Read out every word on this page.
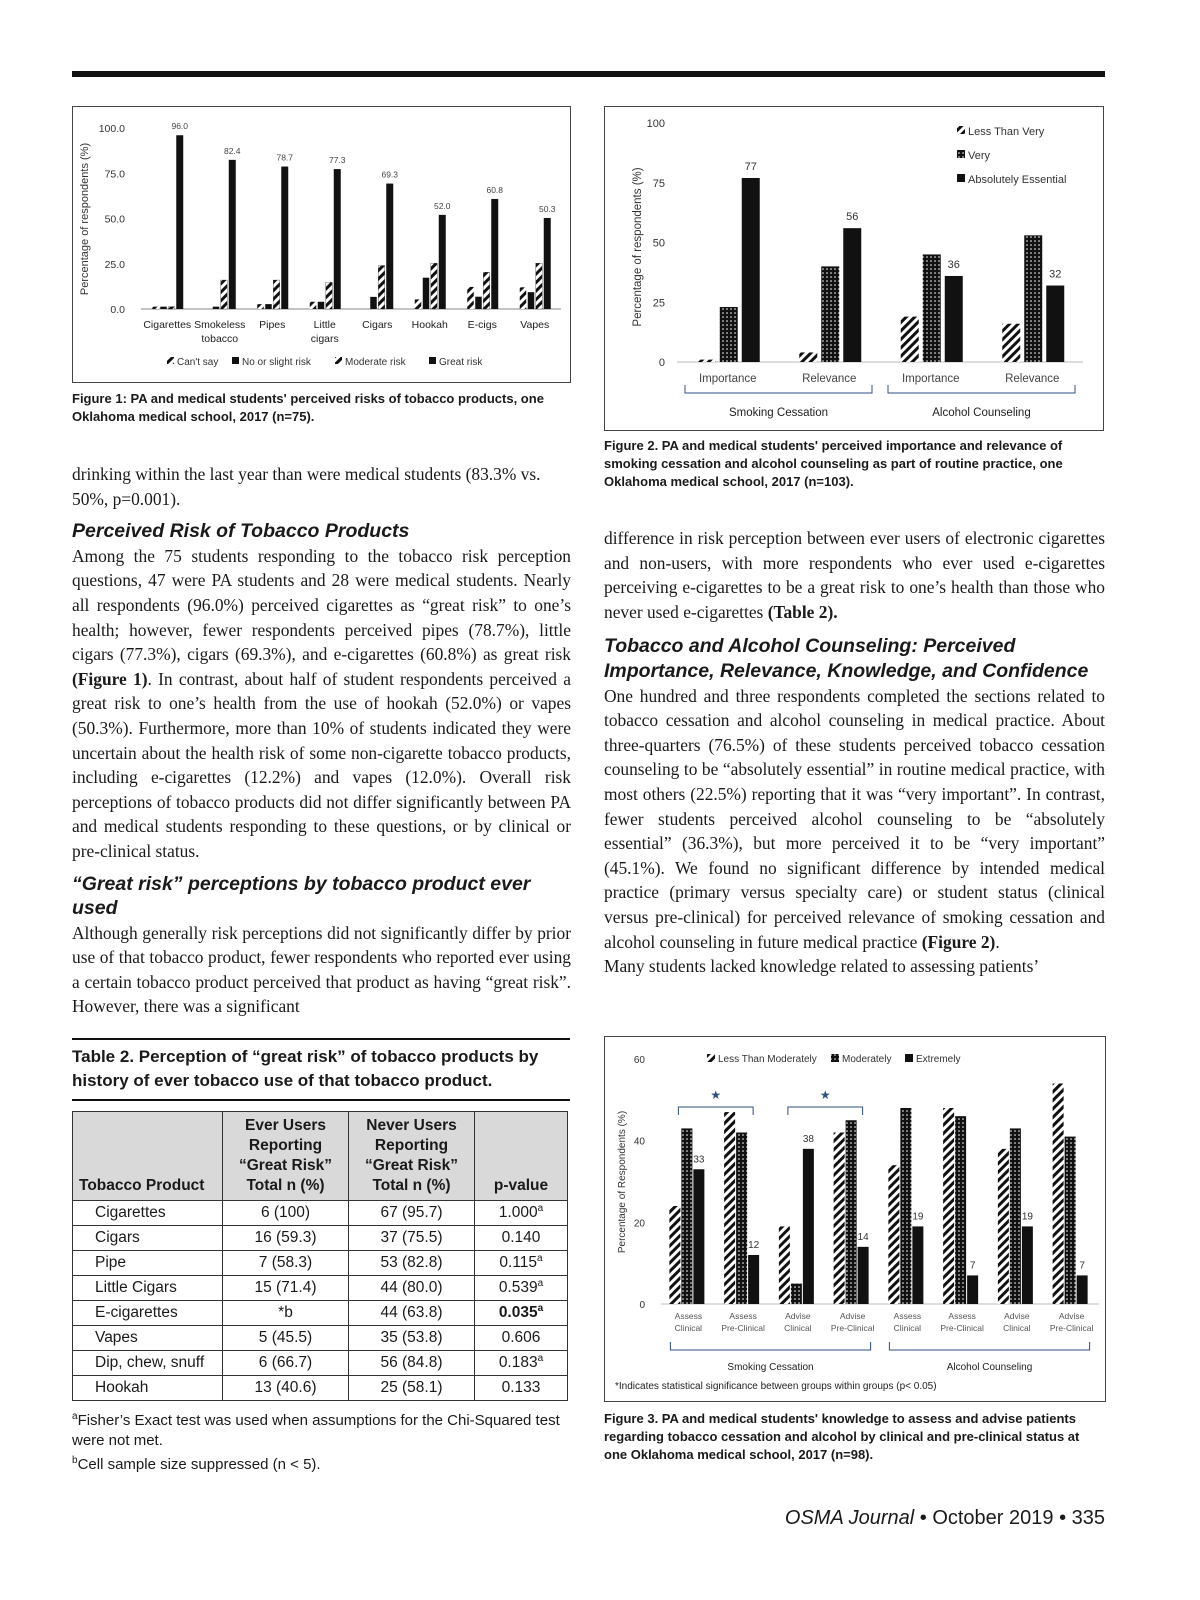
0.0
25.0
50.0
75.0
100.0
Percentage of respondents (%)
96.0
Cigarettes
82.4
Smokeless
tobacco
78.7
Pipes
77.3
Little
cigars
69.3
Cigars
52.0
Hookah
60.8
E-cigs
50.3
Vapes
Can't say No or slight risk	Moderate risk	Great risk
Figure 1: PA and medical students' perceived risks of tobacco products, one Oklahoma medical school, 2017 (n=75).
0
25
50
75
100
Percentage of respondents (%)
77
Importance
56
Relevance
36
Importance
32
Relevance
Smoking Cessation	Alcohol Counseling
Less Than Very
Very
Absolutely Essential
Figure 2. PA and medical students' perceived importance and relevance of smoking cessation and alcohol counseling as part of routine practice, one Oklahoma medical school, 2017 (n=103).

drinking within the last year than were medical students (83.3% vs. 50%, p=0.001).

Perceived Risk of Tobacco Products

Among the 75 students responding to the tobacco risk perception questions, 47 were PA students and 28 were medical students. Nearly all respondents (96.0%) perceived cigarettes as “great risk” to one’s health; however, fewer respondents perceived pipes (78.7%), little cigars (77.3%), cigars (69.3%), and e-cigarettes (60.8%) as great risk (Figure 1). In contrast, about half of student respondents perceived a great risk to one’s health from the use of hookah (52.0%) or vapes (50.3%). Furthermore, more than 10% of students indicated they were uncertain about the health risk of some non-cigarette tobacco products, including e-cigarettes (12.2%) and vapes (12.0%). Overall risk perceptions of tobacco products did not differ significantly between PA and medical students responding to these questions, or by clinical or pre-clinical status.

“Great risk” perceptions by tobacco product ever used

Although generally risk perceptions did not significantly differ by prior use of that tobacco product, fewer respondents who reported ever using a certain tobacco product perceived that product as having “great risk”. However, there was a significant

difference in risk perception between ever users of electronic cigarettes and non-users, with more respondents who ever used e-cigarettes perceiving e-cigarettes to be a great risk to one’s health than those who never used e-cigarettes (Table 2).

Tobacco and Alcohol Counseling: Perceived Importance, Relevance, Knowledge, and Confidence

One hundred and three respondents completed the sections related to tobacco cessation and alcohol counseling in medical practice. About three-quarters (76.5%) of these students perceived tobacco cessation counseling to be “absolutely essential” in routine medical practice, with most others (22.5%) reporting that it was “very important”. In contrast, fewer students perceived alcohol counseling to be “absolutely essential” (36.3%), but more perceived it to be “very important” (45.1%). We found no significant difference by intended medical practice (primary versus specialty care) or student status (clinical versus pre-clinical) for perceived relevance of smoking cessation and alcohol counseling in future medical practice (Figure 2).

Many students lacked knowledge related to assessing patients’

Table 2. Perception of “great risk” of tobacco products by history of ever tobacco use of that tobacco product.
Tobacco Product	Ever Users Reporting “Great Risk” Total n (%)	Never Users Reporting “Great Risk” Total n (%)	p-value
Cigarettes	6 (100)	67 (95.7)	1.000$^a$
Cigars	16 (59.3)	37 (75.5)	0.140
Pipe	7 (58.3)	53 (82.8)	0.115$^a$
Little Cigars	15 (71.4)	44 (80.0)	0.539$^a$
E-cigarettes	*b	44 (63.8)	0.035$^a$
Vapes	5 (45.5)	35 (53.8)	0.606
Dip, chew, snuff	6 (66.7)	56 (84.8)	0.183$^a$
Hookah	13 (40.6)	25 (58.1)	0.133
$^a$Fisher’s Exact test was used when assumptions for the Chi-Squared test were not met.
$^b$Cell sample size suppressed (n < 5).
0
20
40
60
Percentage of Respondents (%)	33
Assess
Clinical
12
Assess
Pre-Clinical
38
Advise
Clinical
14
Advise
Pre-Clinical
19
Assess
Clinical
7
Assess
Pre-Clinical
19
Advise
Clinical
7
Advise
Pre-Clinical
★	★
Smoking Cessation	Alcohol Counseling
*Indicates statistical significance between groups within groups (p< 0.05)
Less Than Moderately	Moderately Extremely
Figure 3. PA and medical students' knowledge to assess and advise patients regarding tobacco cessation and alcohol by clinical and pre-clinical status at one Oklahoma medical school, 2017 (n=98).
OSMA Journal • October 2019 • 335
